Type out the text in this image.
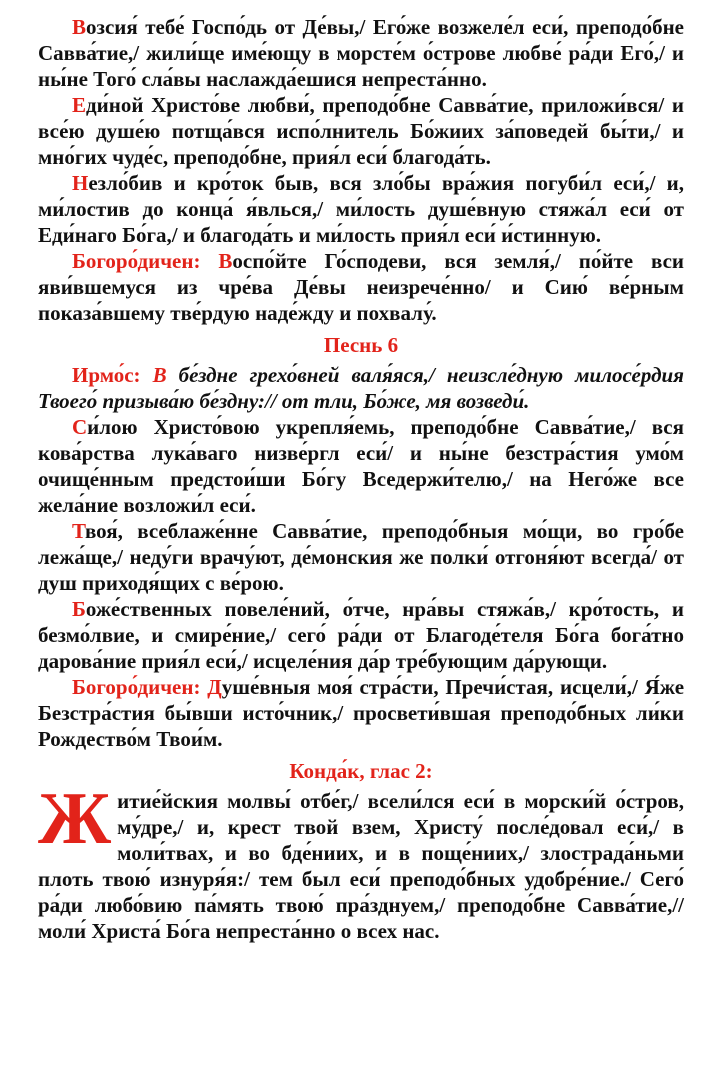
Возсия́ тебе́ Госпо́дь от Де́вы,/ Его́же возжеле́л еси́, преподо́бне Савва́тие,/ жили́ще име́ющу в морсте́м о́строве любве́ ра́ди Его́,/ и ны́не Того́ сла́вы наслажда́ешися непреста́нно.

Еди́ной Христо́ве любви́, преподо́бне Савва́тие, приложи́вся/ и все́ю душе́ю потща́вся испо́лнитель Бо́жиих за́поведей бы́ти,/ и мно́гих чуде́с, преподо́бне, прия́л еси́ благода́ть.

Незло́бив и кро́ток быв, вся зло́бы вра́жия погуби́л еси́,/ и, ми́лостив до конца́ я́влься,/ ми́лость душе́вную стяжа́л еси́ от Еди́наго Бо́га,/ и благода́ть и ми́лость прия́л еси́ и́стинную.

Богоро́дичен: Воспо́йте Го́сподеви, вся земля́,/ по́йте вси яви́вшемуся из чре́ва Де́вы неизрече́нно/ и Сию́ ве́рным показа́вшему тве́рдую наде́жду и похвалу́.

Песнь 6

Ирмо́с: В бе́здне грехо́вней валя́яся,/ неизсле́дную милосе́рдия Твоего́ призыва́ю бе́здну:// от тли, Бо́же, мя возведи́.

Си́лою Христо́вою укрепля́емь, преподо́бне Савва́тие,/ вся кова́рства лука́ваго низве́ргл еси́/ и ны́не безстра́стия умо́м очище́нным предстои́ши Бо́гу Вседержи́телю,/ на Него́же все жела́ние возложи́л еси́.

Твоя́, всеблаже́нне Савва́тие, преподо́бныя мо́щи, во гро́бе лежа́ще,/ неду́ги врачу́ют, де́монския же полки́ отгоня́ют всегда́/ от душ приходя́щих с ве́рою.

Боже́ственных повеле́ний, о́тче, нра́вы стяжа́в,/ кро́тость, и безмо́лвие, и смире́ние,/ сего́ ра́ди от Благоде́теля Бо́га бога́тно дарова́ние прия́л еси́,/ исцеле́ния да́р тре́бующим да́рующи.

Богоро́дичен: Душе́вныя моя́ стра́сти, Пречи́стая, исцели́,/ Я́же Безстра́стия бы́вши исто́чник,/ просвети́вшая преподо́бных ли́ки Рождество́м Твои́м.

Конда́к, глас 2:
Ж итие́йския молвы́ отбе́г,/ всели́лся еси́ в морски́й о́стров, му́дре,/ и, крест твой взем, Христу́ после́довал еси́,/ в моли́твах, и во бде́ниих, и в поще́ниих,/ злострада́ньми плоть твою́ изнуря́я:/ тем был еси́ преподо́бных удобре́ние./ Сего́ ра́ди любо́вию па́мять твою́ пра́зднуем,/ преподо́бне Савва́тие,// моли́ Христа́ Бо́га непреста́нно о всех нас.
